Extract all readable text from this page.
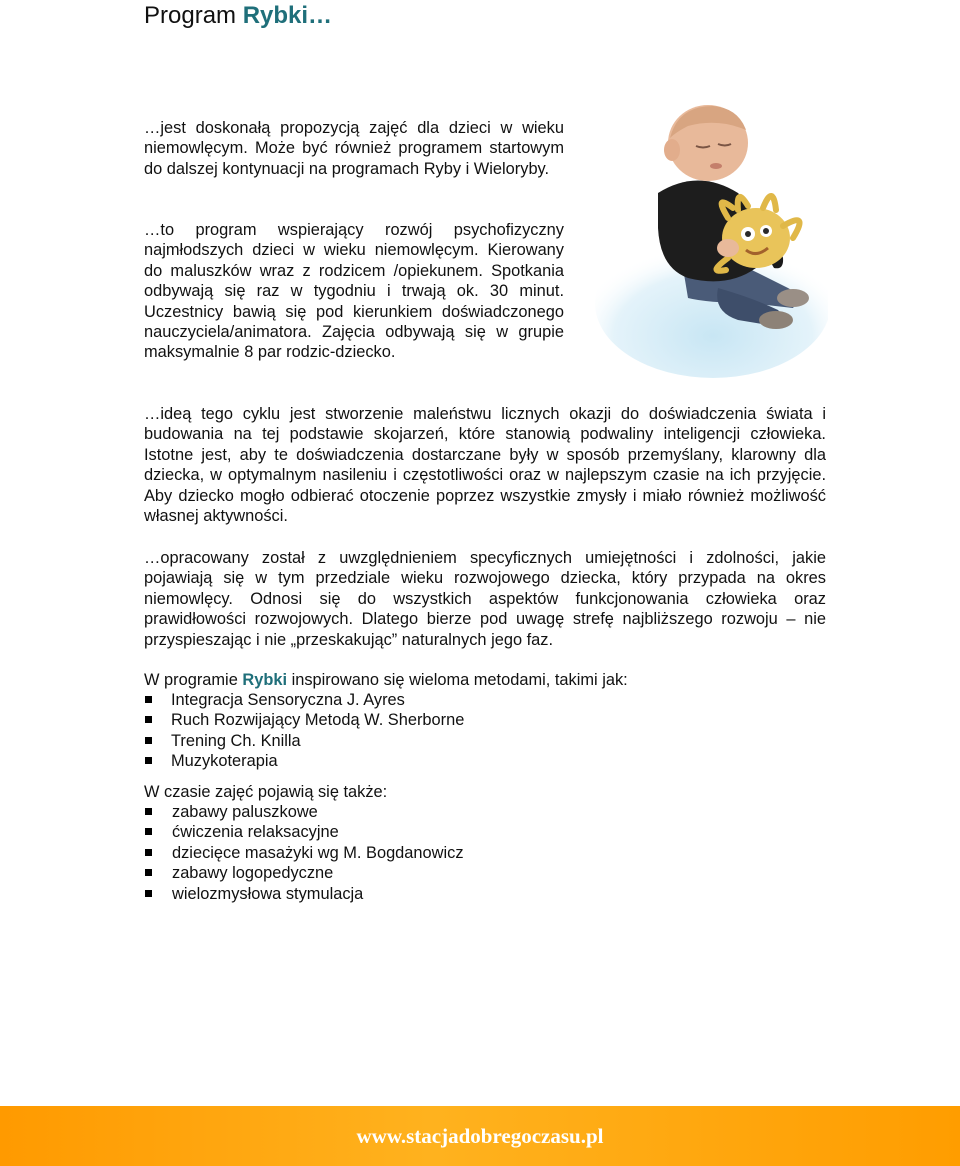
Program Rybki…

…jest doskonałą propozycją zajęć dla dzieci w wieku niemowlęcym. Może być również programem startowym do dalszej kontynuacji na programach Ryby i Wieloryby.

…to program wspierający rozwój psychofizyczny najmłodszych dzieci w wieku niemowlęcym. Kierowany do maluszków wraz z rodzicem /opiekunem. Spotkania odbywają się raz w tygodniu i trwają ok. 30 minut. Uczestnicy bawią się pod kierunkiem doświadczonego nauczyciela/animatora. Zajęcia odbywają się w grupie maksymalnie 8 par rodzic-dziecko.

…ideą tego cyklu jest stworzenie maleństwu licznych okazji do doświadczenia świata i budowania na tej podstawie skojarzeń, które stanowią podwaliny inteligencji człowieka. Istotne jest, aby te doświadczenia dostarczane były w sposób przemyślany, klarowny dla dziecka, w optymalnym nasileniu i częstotliwości oraz w najlepszym czasie na ich przyjęcie. Aby dziecko mogło odbierać otoczenie poprzez wszystkie zmysły i miało również możliwość własnej aktywności.

…opracowany został z uwzględnieniem specyficznych umiejętności i zdolności, jakie pojawiają się w tym przedziale wieku rozwojowego dziecka, który przypada na okres niemowlęcy. Odnosi się do wszystkich aspektów funkcjonowania człowieka oraz prawidłowości rozwojowych. Dlatego bierze pod uwagę strefę najbliższego rozwoju – nie przyspieszając i nie „przeskakując” naturalnych jego faz.

W programie Rybki inspirowano się wieloma metodami, takimi jak:

Integracja Sensoryczna J. Ayres
Ruch Rozwijający Metodą W. Sherborne
Trening Ch. Knilla
Muzykoterapia

W czasie zajęć pojawią się także:

zabawy paluszkowe
ćwiczenia relaksacyjne
dziecięce masażyki wg M. Bogdanowicz
zabawy logopedyczne
wielozmysłowa stymulacja
www.stacjadobregoczasu.pl
